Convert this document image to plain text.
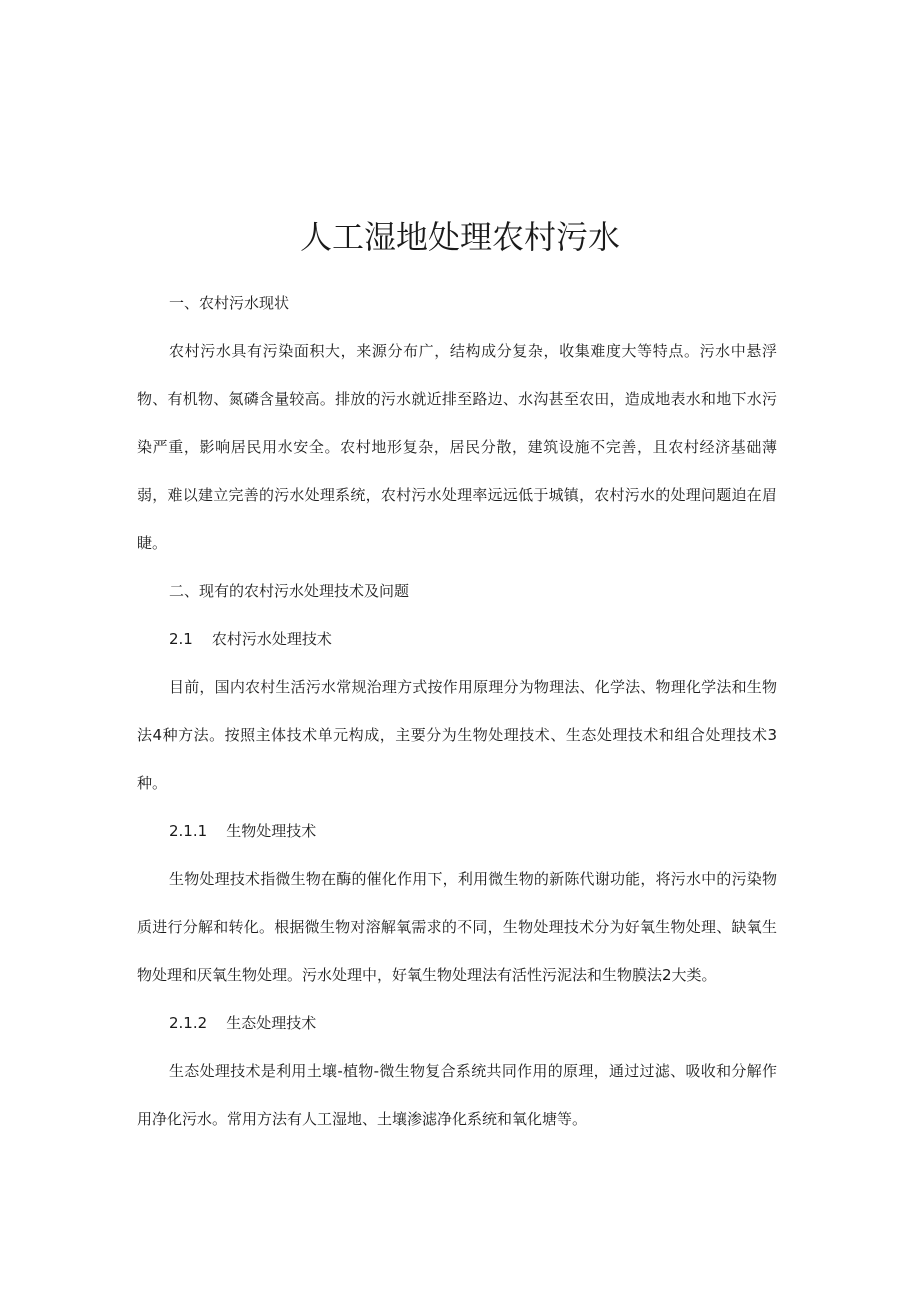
人工湿地处理农村污水

一、农村污水现状

农村污水具有污染面积大，来源分布广，结构成分复杂，收集难度大等特点。污水中悬浮物、有机物、氮磷含量较高。排放的污水就近排至路边、水沟甚至农田，造成地表水和地下水污染严重，影响居民用水安全。农村地形复杂，居民分散，建筑设施不完善，且农村经济基础薄弱，难以建立完善的污水处理系统，农村污水处理率远远低于城镇，农村污水的处理问题迫在眉睫。

二、现有的农村污水处理技术及问题

2.1    农村污水处理技术

目前，国内农村生活污水常规治理方式按作用原理分为物理法、化学法、物理化学法和生物法4种方法。按照主体技术单元构成，主要分为生物处理技术、生态处理技术和组合处理技术3种。

2.1.1    生物处理技术

生物处理技术指微生物在酶的催化作用下，利用微生物的新陈代谢功能，将污水中的污染物质进行分解和转化。根据微生物对溶解氧需求的不同，生物处理技术分为好氧生物处理、缺氧生物处理和厌氧生物处理。污水处理中，好氧生物处理法有活性污泥法和生物膜法2大类。

2.1.2    生态处理技术

生态处理技术是利用土壤-植物-微生物复合系统共同作用的原理，通过过滤、吸收和分解作用净化污水。常用方法有人工湿地、土壤渗滤净化系统和氧化塘等。
